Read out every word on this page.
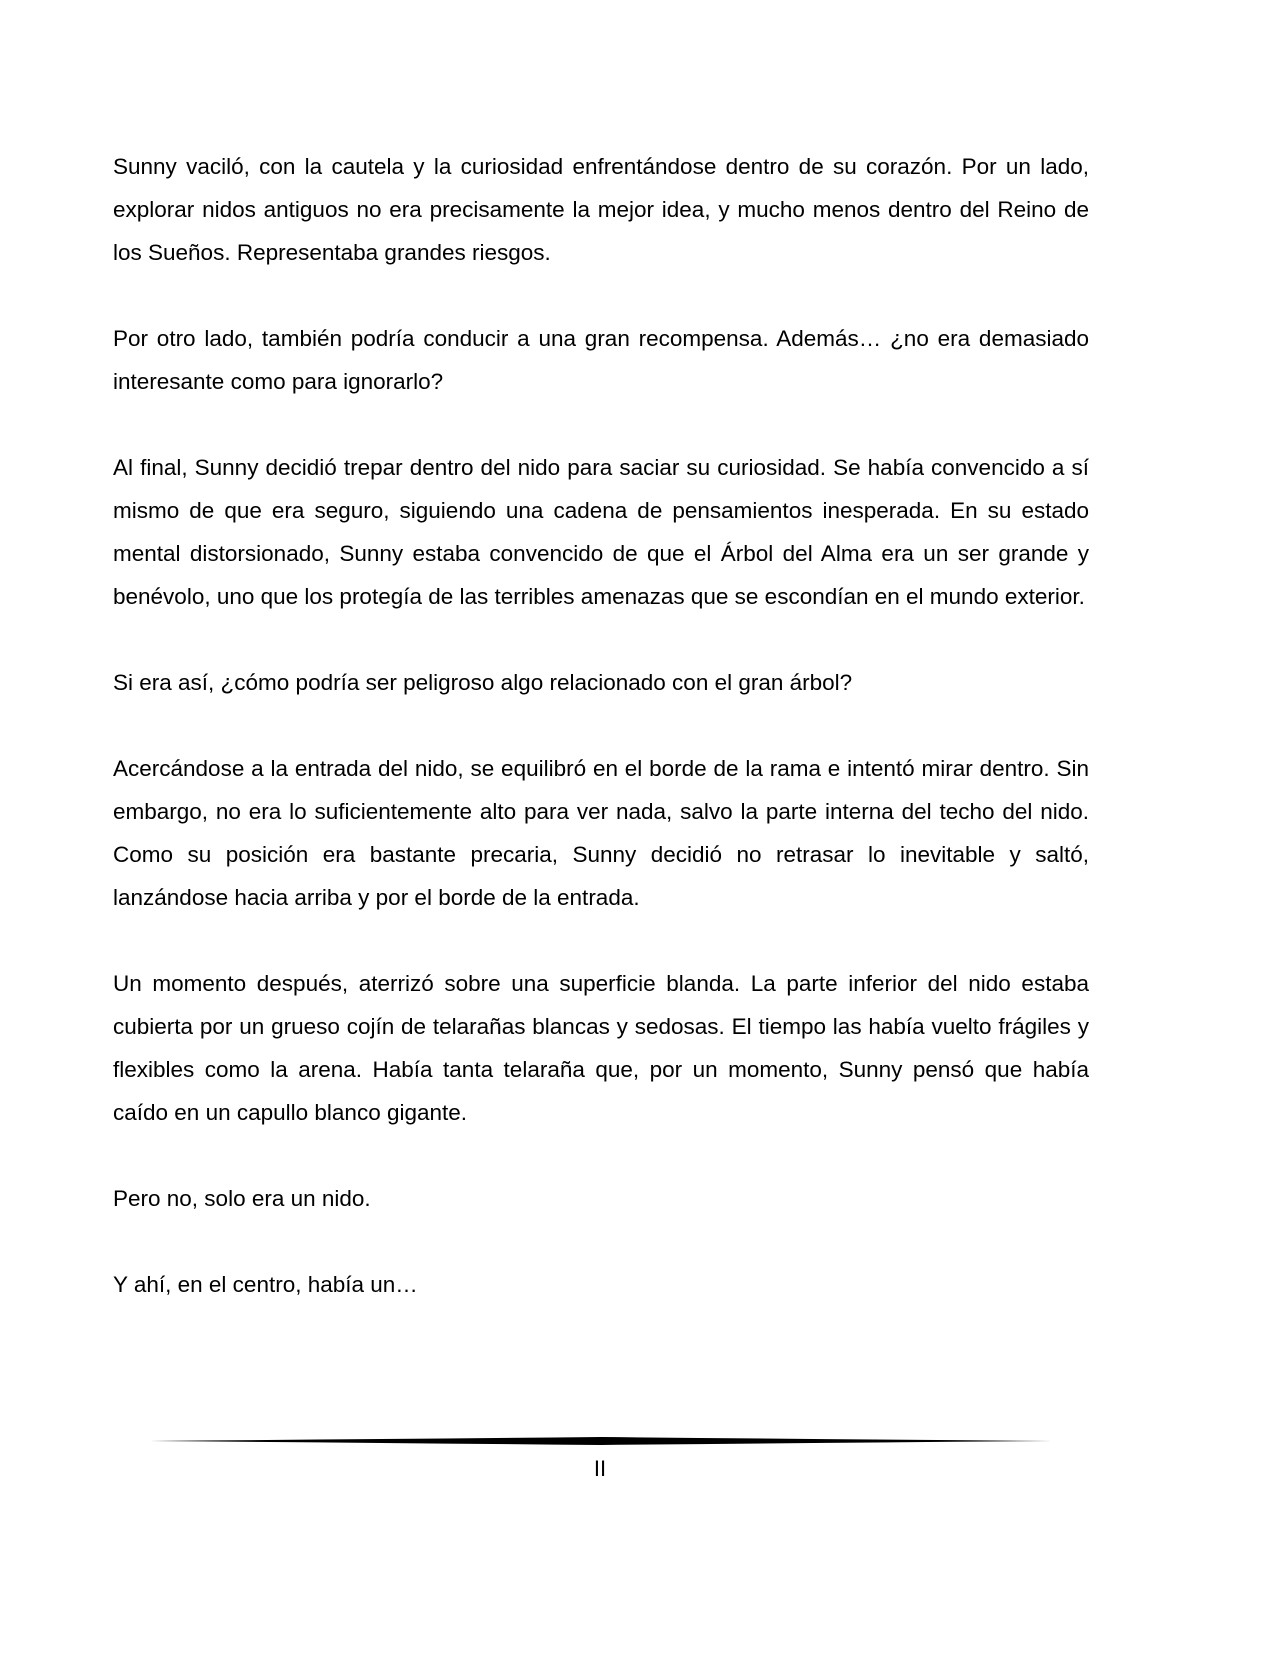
Sunny vaciló, con la cautela y la curiosidad enfrentándose dentro de su corazón. Por un lado, explorar nidos antiguos no era precisamente la mejor idea, y mucho menos dentro del Reino de los Sueños. Representaba grandes riesgos.

Por otro lado, también podría conducir a una gran recompensa. Además… ¿no era demasiado interesante como para ignorarlo?

Al final, Sunny decidió trepar dentro del nido para saciar su curiosidad. Se había convencido a sí mismo de que era seguro, siguiendo una cadena de pensamientos inesperada. En su estado mental distorsionado, Sunny estaba convencido de que el Árbol del Alma era un ser grande y benévolo, uno que los protegía de las terribles amenazas que se escondían en el mundo exterior.

Si era así, ¿cómo podría ser peligroso algo relacionado con el gran árbol?

Acercándose a la entrada del nido, se equilibró en el borde de la rama e intentó mirar dentro. Sin embargo, no era lo suficientemente alto para ver nada, salvo la parte interna del techo del nido. Como su posición era bastante precaria, Sunny decidió no retrasar lo inevitable y saltó, lanzándose hacia arriba y por el borde de la entrada.

Un momento después, aterrizó sobre una superficie blanda. La parte inferior del nido estaba cubierta por un grueso cojín de telarañas blancas y sedosas. El tiempo las había vuelto frágiles y flexibles como la arena. Había tanta telaraña que, por un momento, Sunny pensó que había caído en un capullo blanco gigante.

Pero no, solo era un nido.

Y ahí, en el centro, había un…

II
